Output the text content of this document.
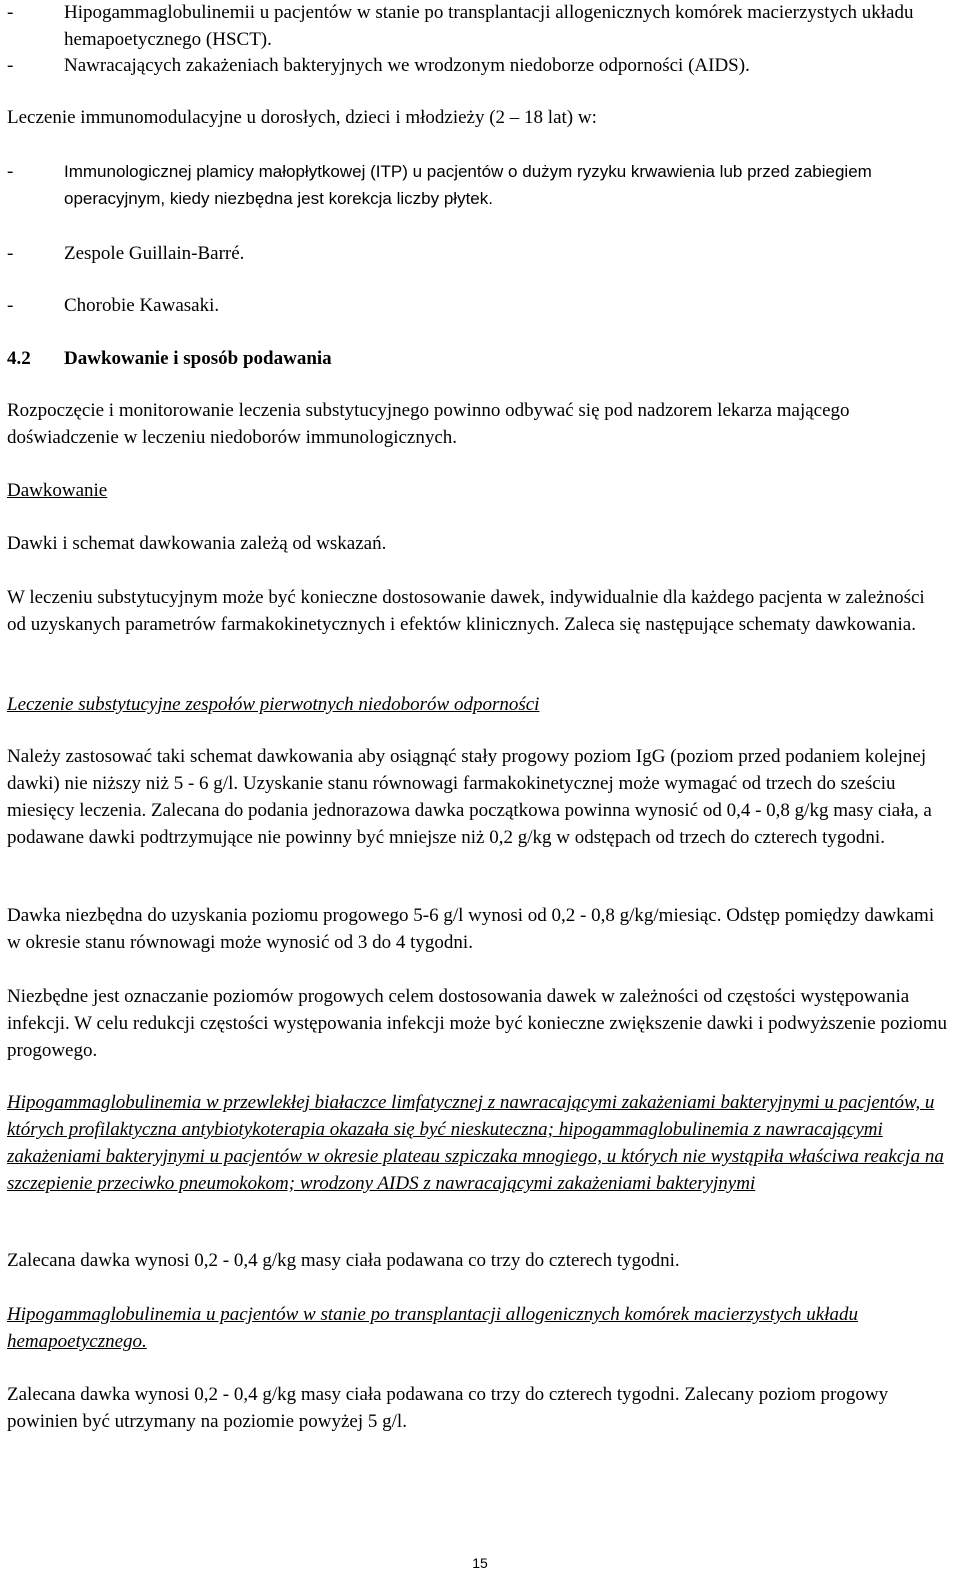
-	Hipogammaglobulinemii u pacjentów w stanie po transplantacji allogenicznych komórek macierzystych układu hemapoetycznego (HSCT).
-	Nawracających zakażeniach bakteryjnych we wrodzonym niedoborze odporności (AIDS).
Leczenie immunomodulacyjne u dorosłych, dzieci i młodzieży (2 – 18 lat) w:
-	Immunologicznej plamicy małopłytkowej (ITP) u pacjentów o dużym ryzyku krwawienia lub przed zabiegiem operacyjnym, kiedy niezbędna jest korekcja liczby płytek.
-	Zespole Guillain-Barré.
-	Chorobie Kawasaki.
4.2 Dawkowanie i sposób podawania
Rozpoczęcie i monitorowanie leczenia substytucyjnego powinno odbywać się pod nadzorem lekarza mającego doświadczenie w leczeniu niedoborów immunologicznych.
Dawkowanie
Dawki i schemat dawkowania zależą od wskazań.
W leczeniu substytucyjnym może być konieczne dostosowanie dawek, indywidualnie dla każdego pacjenta w zależności od uzyskanych parametrów farmakokinetycznych i efektów klinicznych. Zaleca się następujące schematy dawkowania.
Leczenie substytucyjne zespołów pierwotnych niedoborów odporności
Należy zastosować taki schemat dawkowania aby osiągnąć stały progowy poziom IgG (poziom przed podaniem kolejnej dawki) nie niższy niż 5 - 6 g/l. Uzyskanie stanu równowagi farmakokinetycznej może wymagać od trzech do sześciu miesięcy leczenia. Zalecana do podania jednorazowa dawka początkowa powinna wynosić od 0,4 - 0,8 g/kg masy ciała, a podawane dawki podtrzymujące nie powinny być mniejsze niż 0,2 g/kg w odstępach od trzech do czterech tygodni.
Dawka niezbędna do uzyskania poziomu progowego 5-6 g/l wynosi od 0,2 - 0,8 g/kg/miesiąc. Odstęp pomiędzy dawkami w okresie stanu równowagi może wynosić od 3 do 4 tygodni.
Niezbędne jest oznaczanie poziomów progowych celem dostosowania dawek w zależności od częstości występowania infekcji. W celu redukcji częstości występowania infekcji może być konieczne zwiększenie dawki i podwyższenie poziomu progowego.
Hipogammaglobulinemia w przewlekłej białaczce limfatycznej z nawracającymi zakażeniami bakteryjnymi u pacjentów, u których profilaktyczna antybiotykoterapia okazała się być nieskuteczna; hipogammaglobulinemia z nawracającymi zakażeniami bakteryjnymi u pacjentów w okresie plateau szpiczaka mnogiego, u których nie wystąpiła właściwa reakcja na szczepienie przeciwko pneumokokom; wrodzony AIDS z nawracającymi zakażeniami bakteryjnymi
Zalecana dawka wynosi 0,2 - 0,4 g/kg masy ciała podawana co trzy do czterech tygodni.
Hipogammaglobulinemia u pacjentów w stanie po transplantacji allogenicznych komórek macierzystych układu hemapoetycznego.
Zalecana dawka wynosi 0,2 - 0,4 g/kg masy ciała podawana co trzy do czterech tygodni. Zalecany poziom progowy powinien być utrzymany na poziomie powyżej 5 g/l.
15
